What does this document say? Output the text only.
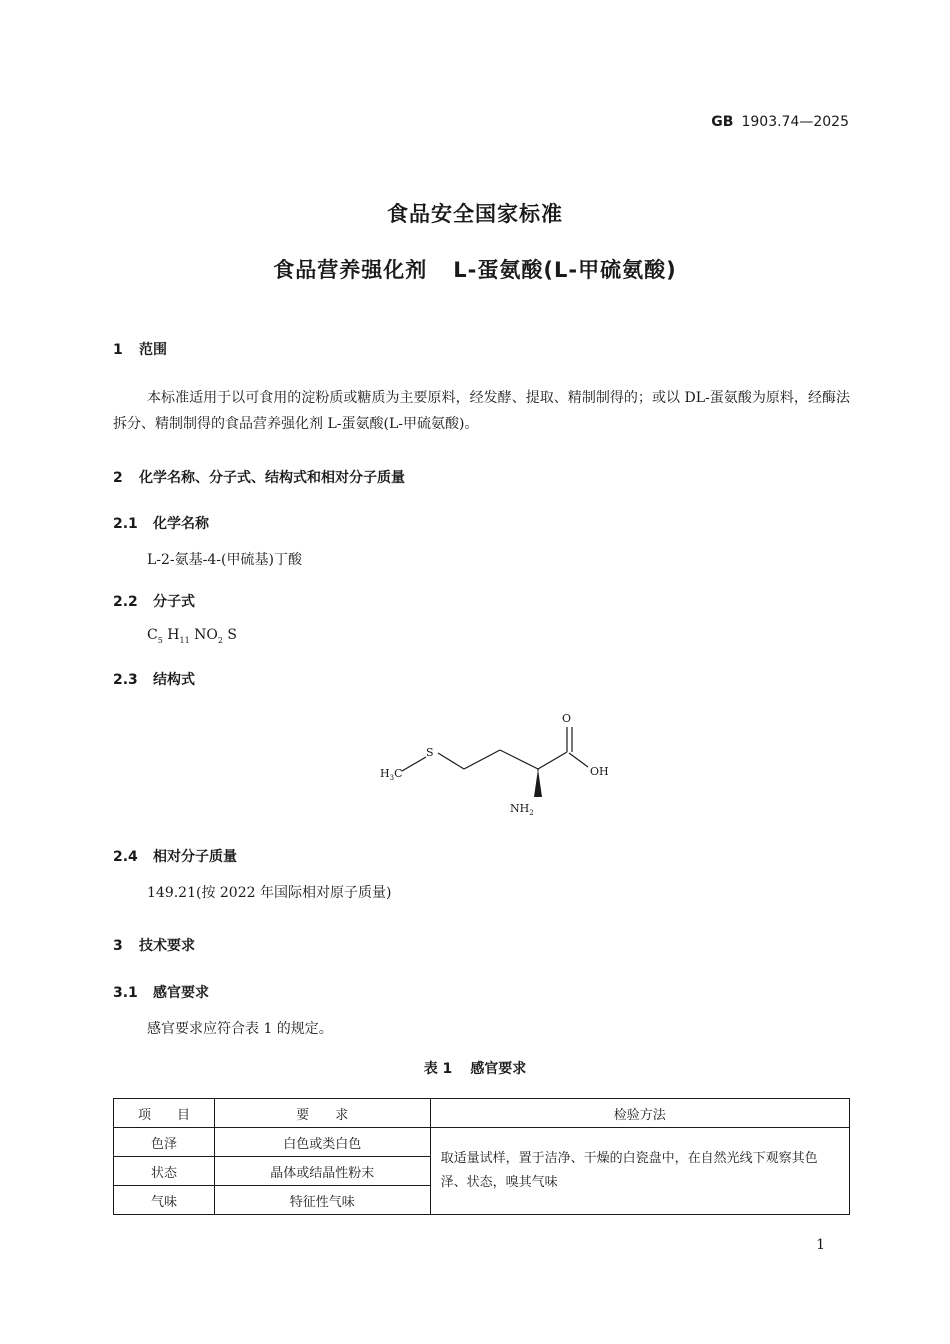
GB 1903.74—2025
食品安全国家标准
食品营养强化剂 L-蛋氨酸(L-甲硫氨酸)
1 范围
本标准适用于以可食用的淀粉质或糖质为主要原料，经发酵、提取、精制制得的；或以 DL-蛋氨酸为原料，经酶法拆分、精制制得的食品营养强化剂 L-蛋氨酸(L-甲硫氨酸)。
2 化学名称、分子式、结构式和相对分子质量
2.1 化学名称
L-2-氨基-4-(甲硫基)丁酸
2.2 分子式
$C_5$ $H_{11}$ $NO_2$ S
2.3 结构式
O
OH
S
$H_3C$
$NH_2$
2.4 相对分子质量
149.21(按 2022 年国际相对原子质量)
3 技术要求
3.1 感官要求
感官要求应符合表 1 的规定。
表 1 感官要求
项　　目	要　　求	检验方法
色泽	白色或类白色	取适量试样，置于洁净、干燥的白瓷盘中，在自然光线下观察其色泽、状态，嗅其气味
状态	晶体或结晶性粉末	
气味	特征性气味	
1
